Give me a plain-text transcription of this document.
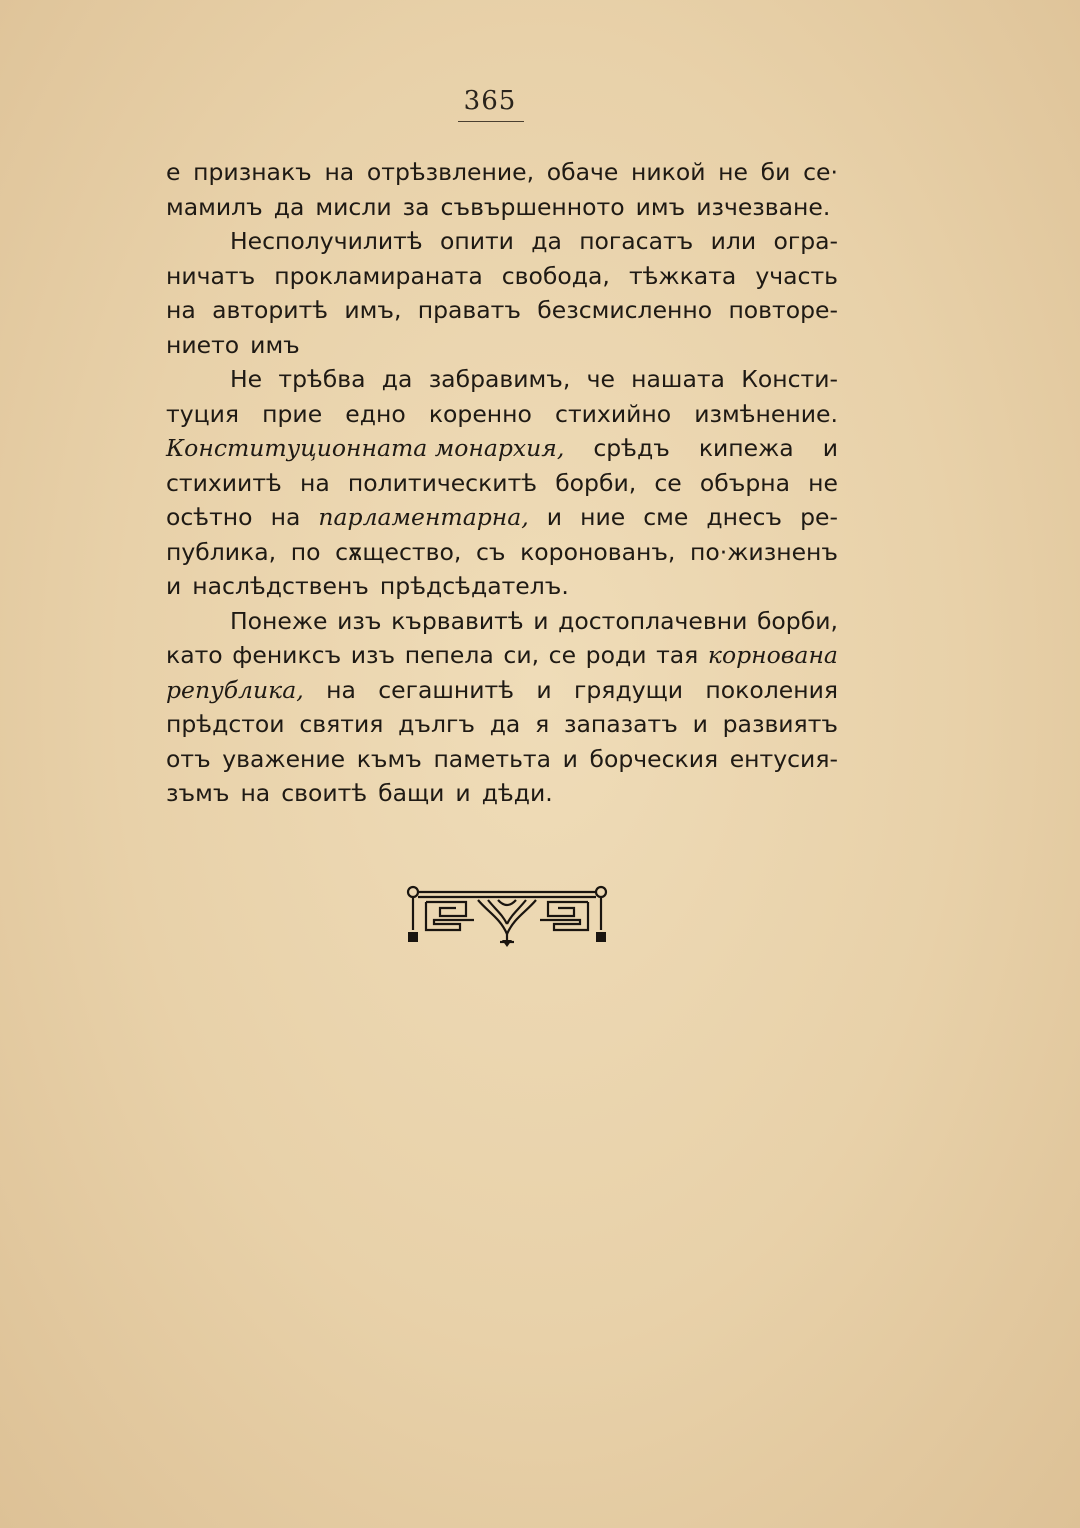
365
е признакъ на отрѣзвление, обаче никой не би се·
мамилъ да мисли за съвършенното имъ изчезване.
Несполучилитѣ опити да погасатъ или огра-
ничатъ прокламираната свобода, тѣжката участь
на авторитѣ имъ, праватъ безсмисленно повторе-
нието имъ
Не трѣбва да забравимъ, че нашата Консти-
туция прие едно коренно стихийно измѣнение.
Конституционната монархия, срѣдъ кипежа и
стихиитѣ на политическитѣ борби, се обърна не
осѣтно на парламентарна, и ние сме днесъ ре-
публика, по сѫщество, съ коронованъ, по·жизненъ
и наслѣдственъ прѣдсѣдателъ.
Понеже изъ кървавитѣ и достоплачевни борби,
като фениксъ изъ пепела си, се роди тая корнована
република, на сегашнитѣ и грядущи поколения
прѣдстои святия дългъ да я запазатъ и развиятъ
отъ уважение къмъ паметьта и борческия ентусия-
зъмъ на своитѣ бащи и дѣди.
